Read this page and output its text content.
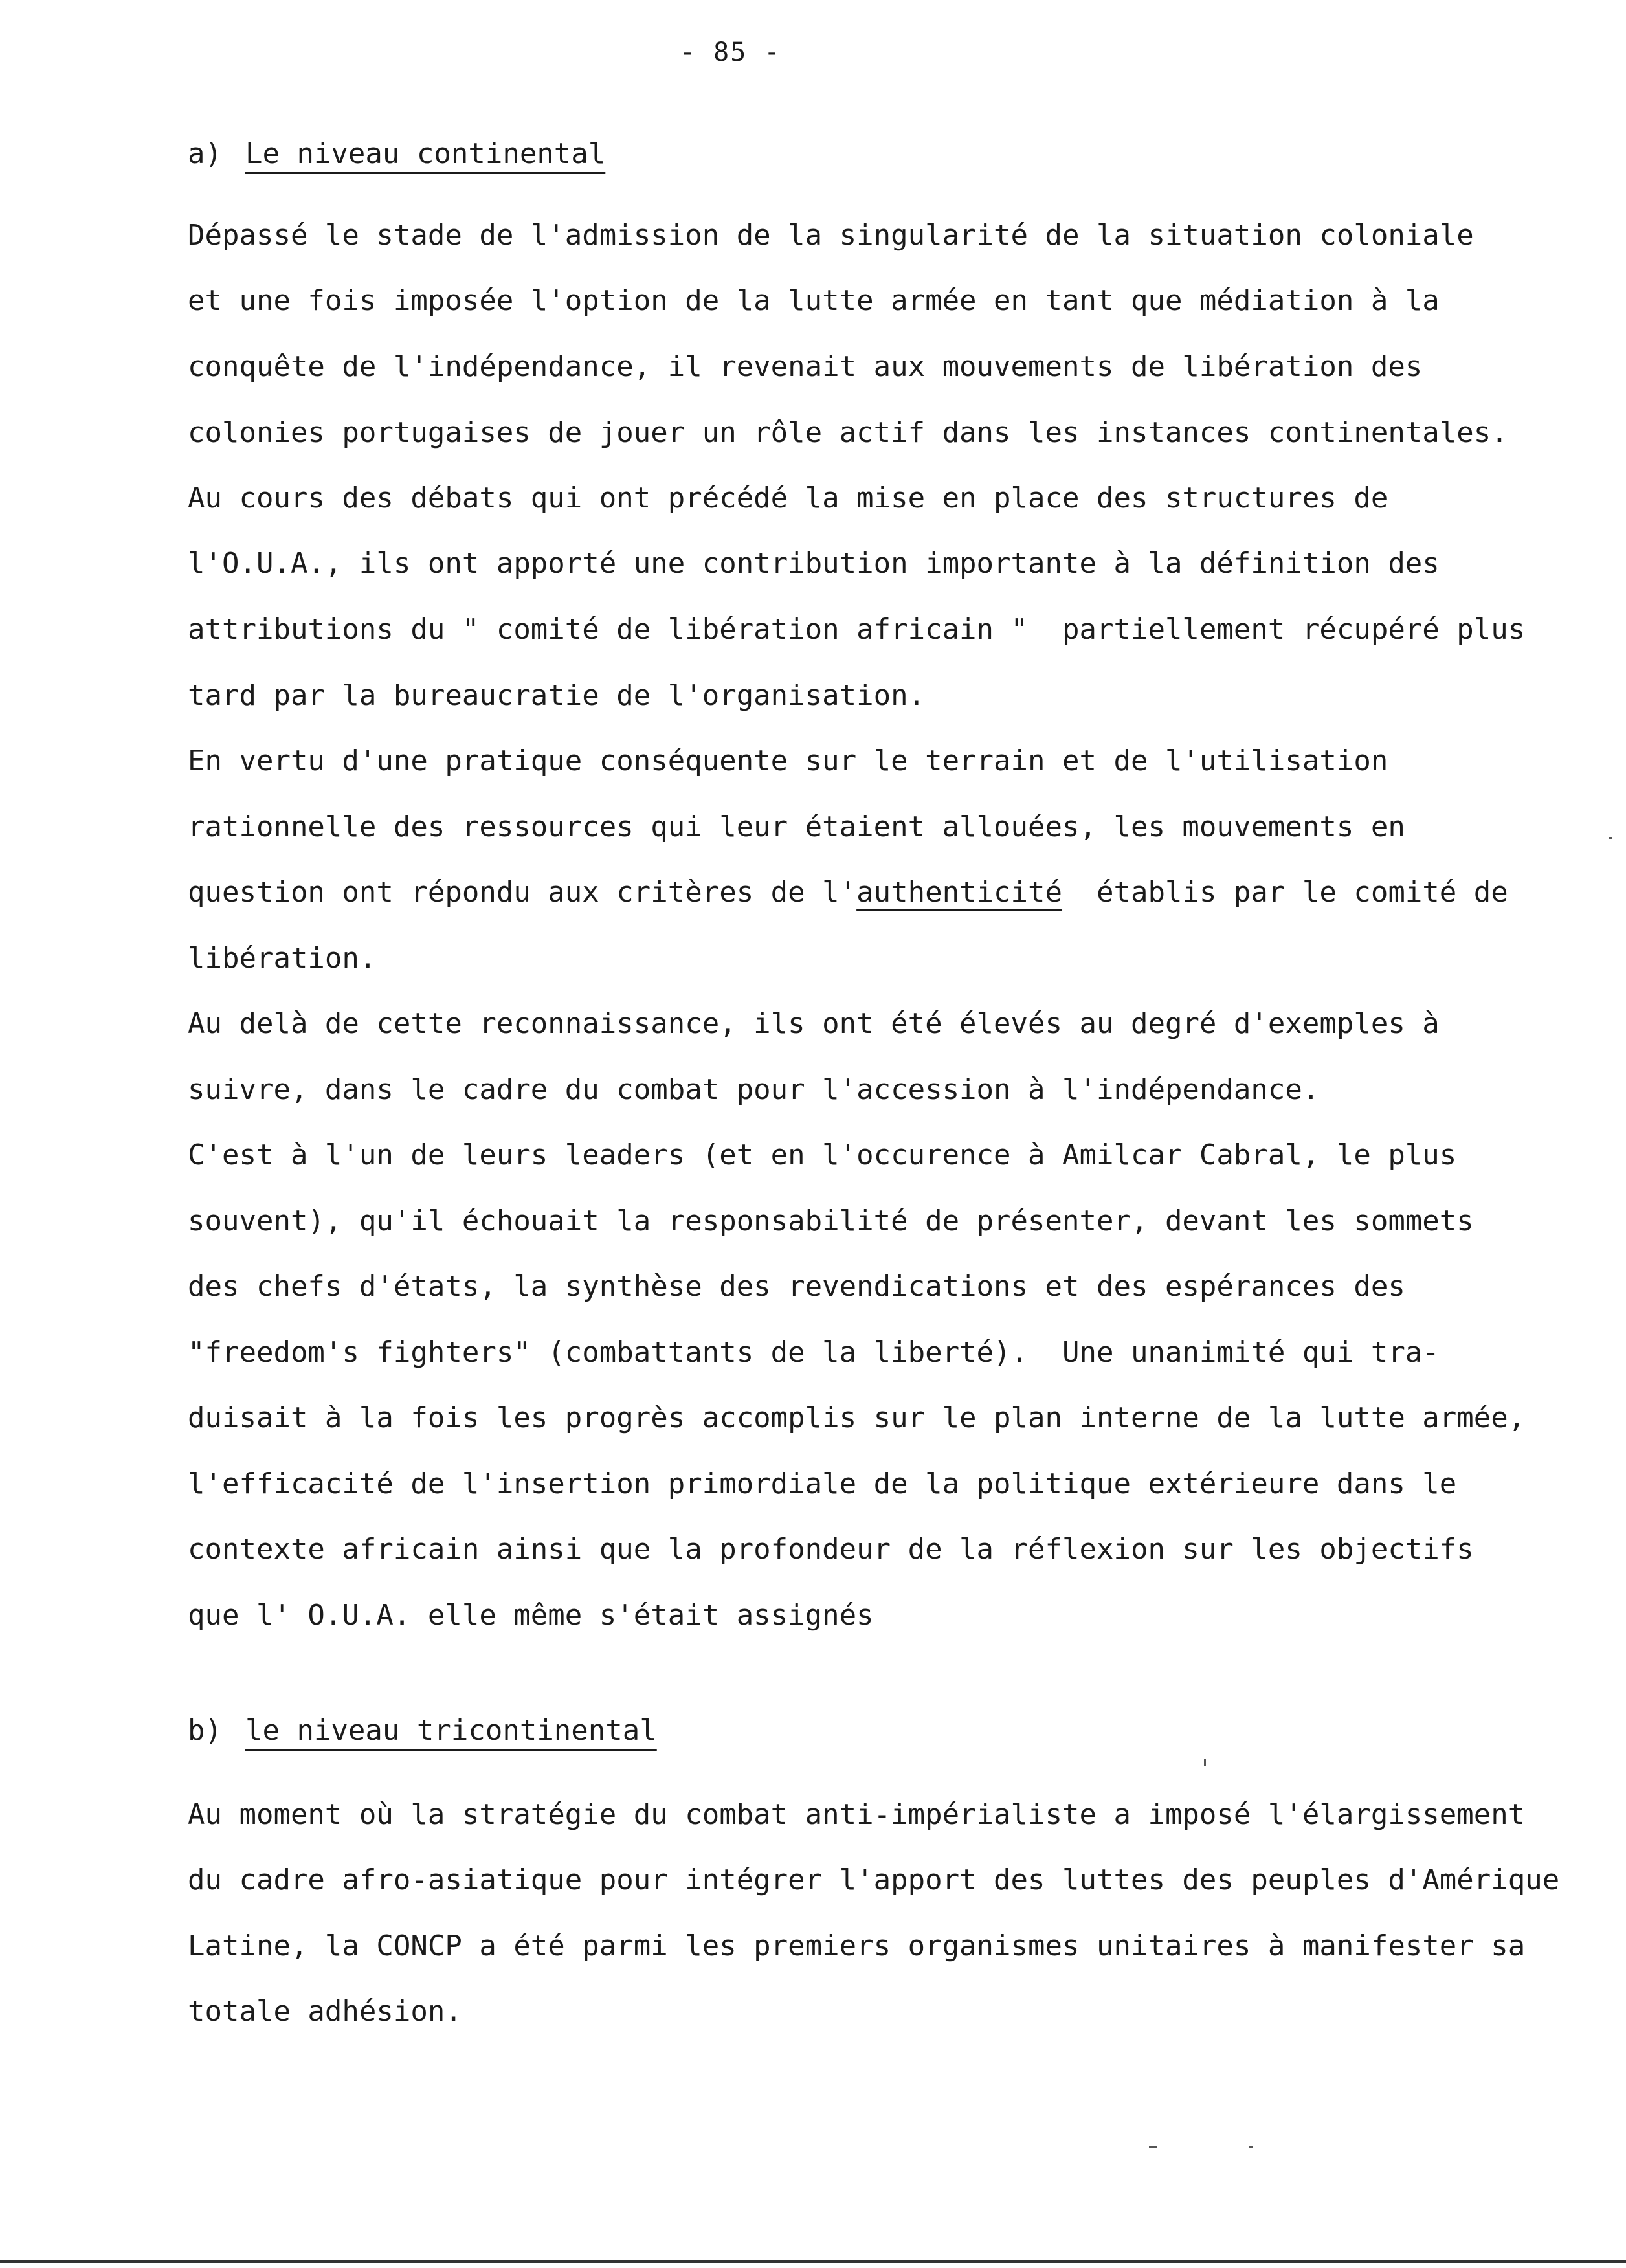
- 85 -
a) Le niveau continental
Dépassé le stade de l'admission de la singularité de la situation coloniale
et une fois imposée l'option de la lutte armée en tant que médiation à la
conquête de l'indépendance, il revenait aux mouvements de libération des
colonies portugaises de jouer un rôle actif dans les instances continentales.
Au cours des débats qui ont précédé la mise en place des structures de
l'O.U.A., ils ont apporté une contribution importante à la définition des
attributions du " comité de libération africain "  partiellement récupéré plus
tard par la bureaucratie de l'organisation.
En vertu d'une pratique conséquente sur le terrain et de l'utilisation
rationnelle des ressources qui leur étaient allouées, les mouvements en
question ont répondu aux critères de l'authenticité  établis par le comité de
libération.
Au delà de cette reconnaissance, ils ont été élevés au degré d'exemples à
suivre, dans le cadre du combat pour l'accession à l'indépendance.
C'est à l'un de leurs leaders (et en l'occurence à Amilcar Cabral, le plus
souvent), qu'il échouait la responsabilité de présenter, devant les sommets
des chefs d'états, la synthèse des revendications et des espérances des
"freedom's fighters" (combattants de la liberté).  Une unanimité qui tra-
duisait à la fois les progrès accomplis sur le plan interne de la lutte armée,
l'efficacité de l'insertion primordiale de la politique extérieure dans le
contexte africain ainsi que la profondeur de la réflexion sur les objectifs
que l' O.U.A. elle même s'était assignés
b) le niveau tricontinental
Au moment où la stratégie du combat anti-impérialiste a imposé l'élargissement
du cadre afro-asiatique pour intégrer l'apport des luttes des peuples d'Amérique
Latine, la CONCP a été parmi les premiers organismes unitaires à manifester sa
totale adhésion.
